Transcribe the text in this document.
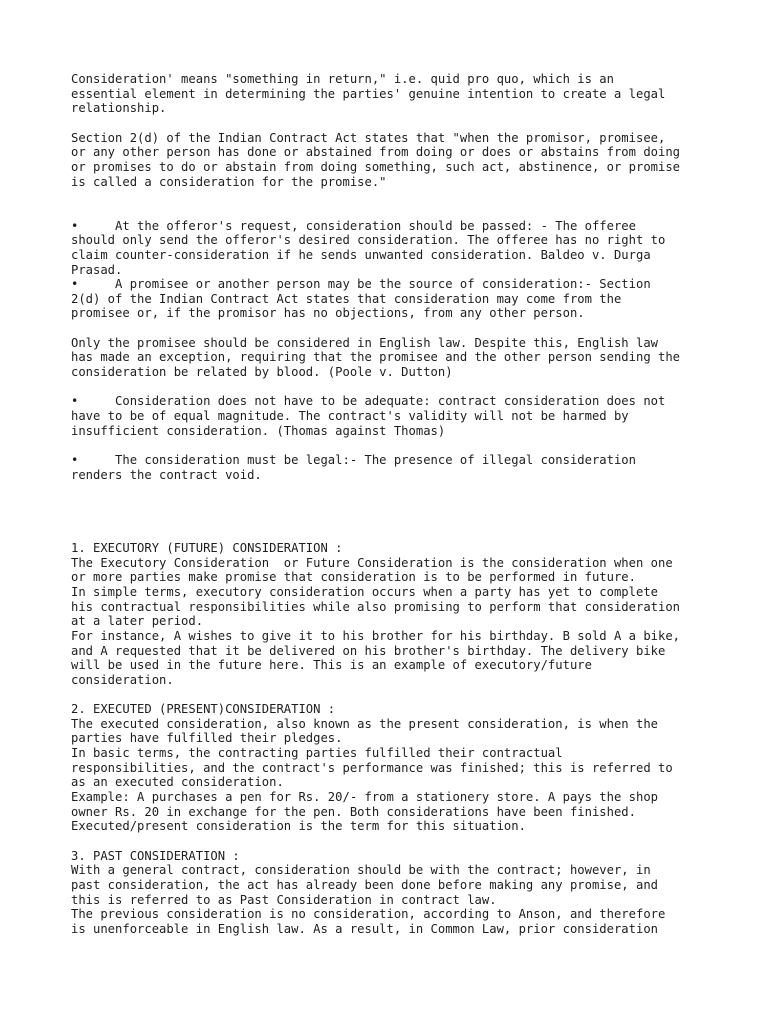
Consideration' means "something in return," i.e. quid pro quo, which is an
essential element in determining the parties' genuine intention to create a legal
relationship.

Section 2(d) of the Indian Contract Act states that "when the promisor, promisee,
or any other person has done or abstained from doing or does or abstains from doing
or promises to do or abstain from doing something, such act, abstinence, or promise
is called a consideration for the promise."

•     At the offeror's request, consideration should be passed: - The offeree
should only send the offeror's desired consideration. The offeree has no right to
claim counter-consideration if he sends unwanted consideration. Baldeo v. Durga
Prasad.
•     A promisee or another person may be the source of consideration:- Section
2(d) of the Indian Contract Act states that consideration may come from the
promisee or, if the promisor has no objections, from any other person.

Only the promisee should be considered in English law. Despite this, English law
has made an exception, requiring that the promisee and the other person sending the
consideration be related by blood. (Poole v. Dutton)

•     Consideration does not have to be adequate: contract consideration does not
have to be of equal magnitude. The contract's validity will not be harmed by
insufficient consideration. (Thomas against Thomas)

•     The consideration must be legal:- The presence of illegal consideration
renders the contract void.

1. EXECUTORY (FUTURE) CONSIDERATION :
The Executory Consideration  or Future Consideration is the consideration when one
or more parties make promise that consideration is to be performed in future.
In simple terms, executory consideration occurs when a party has yet to complete
his contractual responsibilities while also promising to perform that consideration
at a later period.
For instance, A wishes to give it to his brother for his birthday. B sold A a bike,
and A requested that it be delivered on his brother's birthday. The delivery bike
will be used in the future here. This is an example of executory/future
consideration.

2. EXECUTED (PRESENT)CONSIDERATION :
The executed consideration, also known as the present consideration, is when the
parties have fulfilled their pledges.
In basic terms, the contracting parties fulfilled their contractual
responsibilities, and the contract's performance was finished; this is referred to
as an executed consideration.
Example: A purchases a pen for Rs. 20/- from a stationery store. A pays the shop
owner Rs. 20 in exchange for the pen. Both considerations have been finished.
Executed/present consideration is the term for this situation.

3. PAST CONSIDERATION :
With a general contract, consideration should be with the contract; however, in
past consideration, the act has already been done before making any promise, and
this is referred to as Past Consideration in contract law.
The previous consideration is no consideration, according to Anson, and therefore
is unenforceable in English law. As a result, in Common Law, prior consideration
